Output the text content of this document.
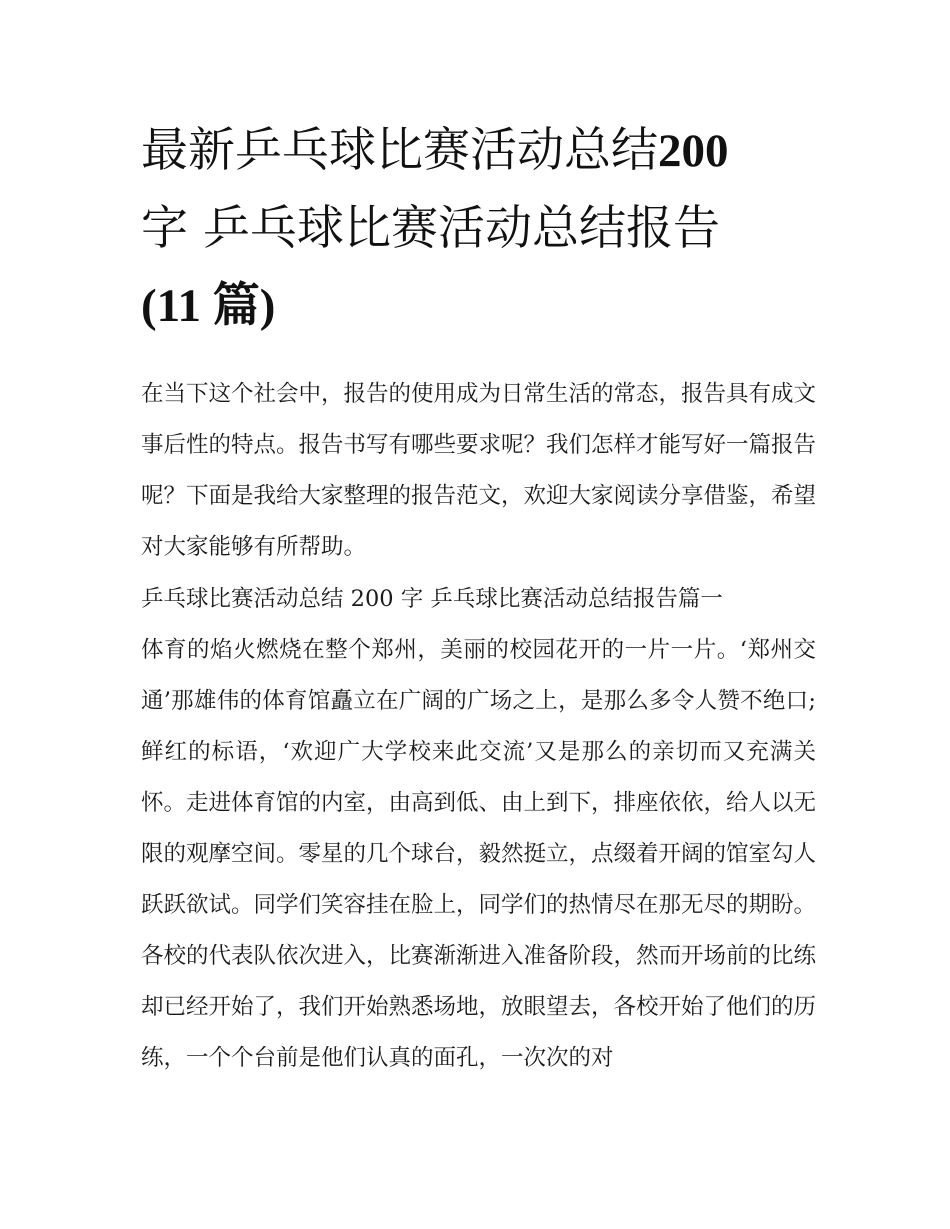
最新乒乓球比赛活动总结200
字 乒乓球比赛活动总结报告
(11 篇)

在当下这个社会中，报告的使用成为日常生活的常态，报告具有成文事后性的特点。报告书写有哪些要求呢？我们怎样才能写好一篇报告呢？下面是我给大家整理的报告范文，欢迎大家阅读分享借鉴，希望对大家能够有所帮助。

乒乓球比赛活动总结 200 字 乒乓球比赛活动总结报告篇一

体育的焰火燃烧在整个郑州，美丽的校园花开的一片一片。‘郑州交通’那雄伟的体育馆矗立在广阔的广场之上，是那么多令人赞不绝口;鲜红的标语，‘欢迎广大学校来此交流’又是那么的亲切而又充满关怀。走进体育馆的内室，由高到低、由上到下，排座依依，给人以无限的观摩空间。零星的几个球台，毅然挺立，点缀着开阔的馆室勾人跃跃欲试。同学们笑容挂在脸上，同学们的热情尽在那无尽的期盼。

各校的代表队依次进入，比赛渐渐进入准备阶段，然而开场前的比练却已经开始了，我们开始熟悉场地，放眼望去，各校开始了他们的历练，一个个台前是他们认真的面孔，一次次的对
